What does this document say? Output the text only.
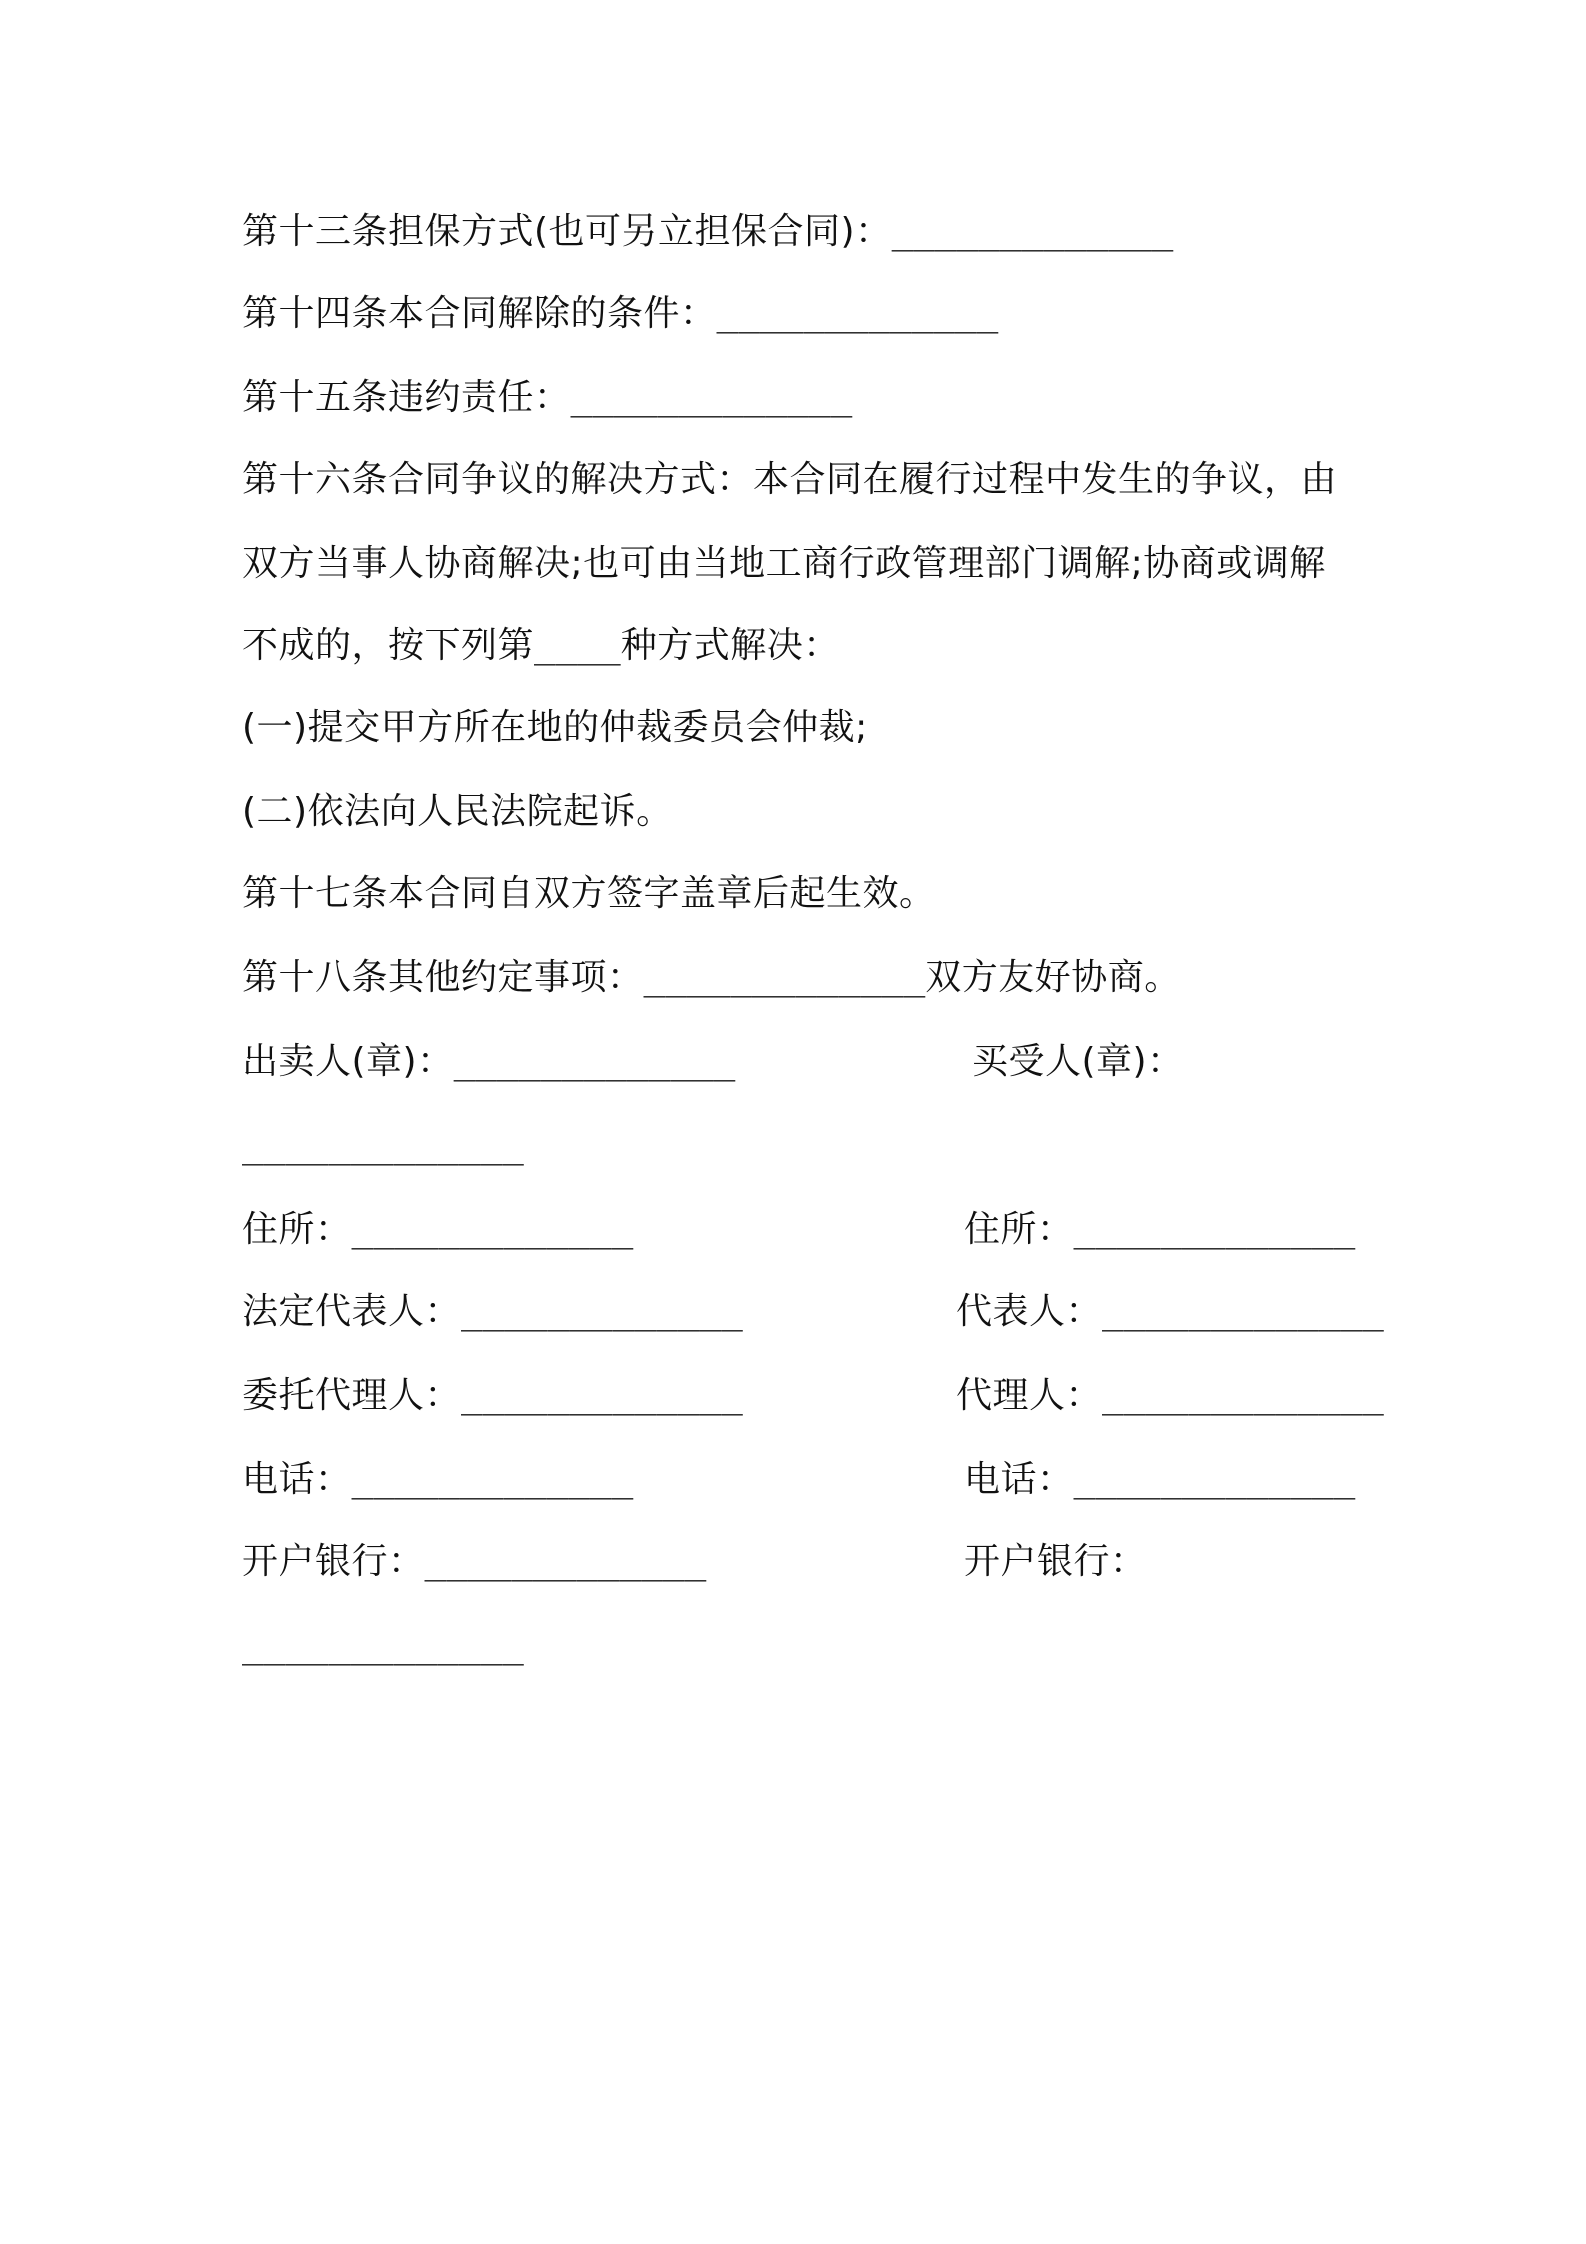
第十三条担保方式(也可另立担保合同)：_____________
第十四条本合同解除的条件：_____________
第十五条违约责任：_____________
第十六条合同争议的解决方式：本合同在履行过程中发生的争议，由
双方当事人协商解决;也可由当地工商行政管理部门调解;协商或调解
不成的，按下列第____种方式解决：
(一)提交甲方所在地的仲裁委员会仲裁;
(二)依法向人民法院起诉。
第十七条本合同自双方签字盖章后起生效。
第十八条其他约定事项：_____________双方友好协商。
出卖人(章)：_____________	买受人(章)：
_____________
住所：_____________	住所：_____________
法定代表人：_____________	代表人：_____________
委托代理人：_____________	代理人：_____________
电话：_____________	电话：_____________
开户银行：_____________	开户银行：
_____________
